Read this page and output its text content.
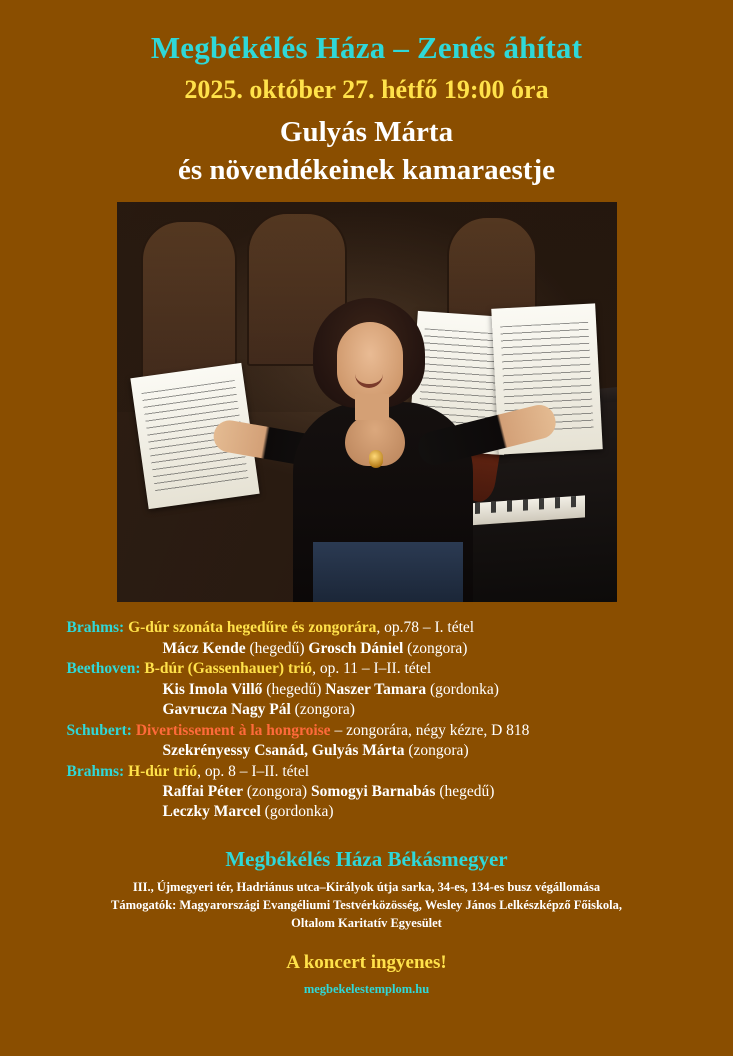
Megbékélés Háza – Zenés áhítat
2025. október 27. hétfő 19:00 óra
Gulyás Márta
és növendékeinek kamaraestje
Brahms: G-dúr szonáta hegedűre és zongorára, op.78 – I. tétel
Mácz Kende (hegedű) Grosch Dániel (zongora)
Beethoven: B-dúr (Gassenhauer) trió, op. 11 – I–II. tétel
Kis Imola Villő (hegedű) Naszer Tamara (gordonka)
Gavrucza Nagy Pál (zongora)
Schubert: Divertissement à la hongroise – zongorára, négy kézre, D 818
Szekrényessy Csanád, Gulyás Márta (zongora)
Brahms: H-dúr trió, op. 8 – I–II. tétel
Raffai Péter (zongora) Somogyi Barnabás (hegedű)
Leczky Marcel (gordonka)
Megbékélés Háza Békásmegyer
III., Újmegyeri tér, Hadriánus utca–Királyok útja sarka, 34-es, 134-es busz végállomása
Támogatók: Magyarországi Evangéliumi Testvérközösség, Wesley János Lelkészképző Főiskola,
Oltalom Karitatív Egyesület
A koncert ingyenes!
megbekelestemplom.hu
